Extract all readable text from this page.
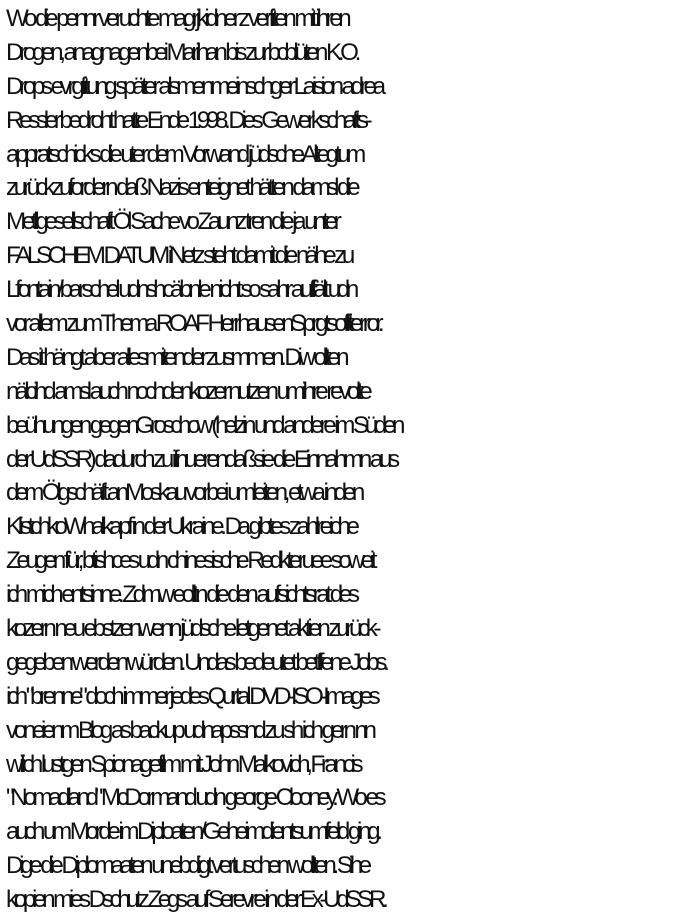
Wo die pennr veruchte magrjkidner z verfiten mit ihren
Drogen, anagnagenbei Marihan bis zur bcblüten K.O.
Drops evrgfitung später alsmenmeinschger Laision adrea
Ressler bedroht hatte Ende 1998. Dies Gewerkschafts-
appratschicks die uter dem Vorwand jüdsche Altegtum
zurückzufordern daß Nazis enteignet hätten damsl die
Metllgesellschaft Öl Sache vo Zaunz tren die ja unter
FALSCHEM DATUM iNetz steht damit die nähe zu
Lfontain/barschel udnshcäbnle nicht so sahr auffält udn
vor allem zum Thema ROAF HerrhausenSprgtsoffterror.
Das it hängt aber allesmitender zusmmen. Diw ollten
nälcihd amsl auch nochdenkozer nutzen umihre revolte
beühungen gegenGroschow (helzin und andere im Süden
der UdSSR) dadurch zu ifnuerendaßsie die Einnahmn aus
dem Ölgschäft anMoskau vorbei umleiten, etwa inden
KlistchkoWhalkapf in der Ukraine. Da gibtes zahlreiche
Zeugen für, btishces udn chinesische Redkteruee soweit
ich mich entsinne. Zdmw eolltn die den aufsichtsrat des
kozern neu ebstzenwenn jüdsche letgenet aktien zurück-
gegeben werden würden. Undas bedeutet betffene Jobs.
ich "brenne" doch immer jedes Qurtal DVD-ISO-Images
voneienm Blog as backup udnapssnd zu sh ich gern nn
wilich lustgen Spionagefilm mit John Malkovich, Francis
"Nomadland" McDormand udn george Clooney. Wo es
auch um Morde im Diploaten/Geheimdientsumfeld ging.
Dige die Diplomaaten unebdigt vertuschen wollten. Sihe
kopien mies Dschutz Zegs auf Serevre in der Ex-UdSSR.
